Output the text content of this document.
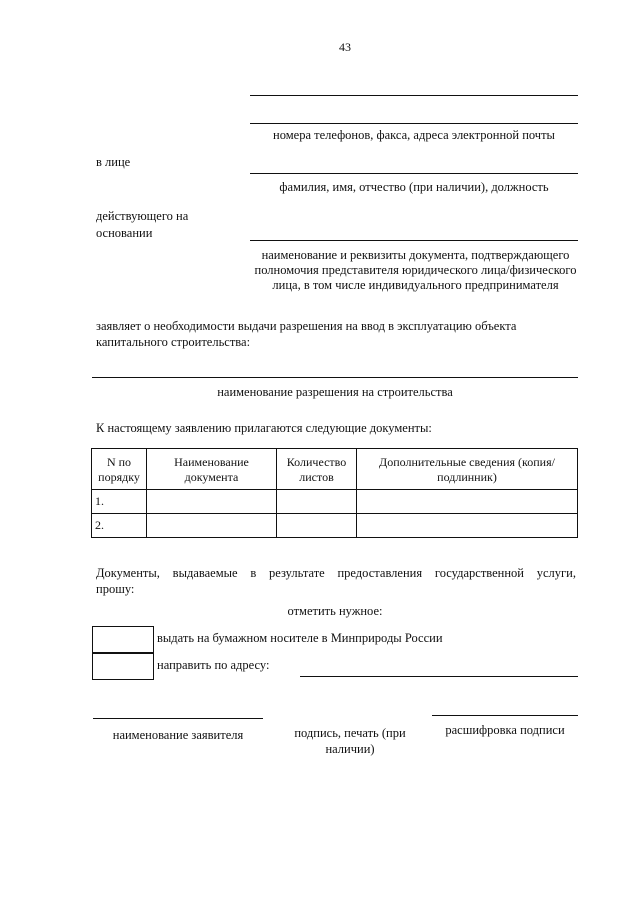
43
номера телефонов, факса, адреса электронной почты
в лице
фамилия, имя, отчество (при наличии), должность
действующего на основании
наименование и реквизиты документа, подтверждающего полномочия представителя юридического лица/физического лица, в том числе индивидуального предпринимателя
заявляет о необходимости выдачи разрешения на ввод в эксплуатацию объекта капитального строительства:
наименование разрешения на строительства
К настоящему заявлению прилагаются следующие документы:
N по порядку	Наименование документа	Количество листов	Дополнительные сведения (копия/подлинник)
1.			
2.			
Документы, выдаваемые в результате предоставления государственной услуги, прошу:
отметить нужное:
выдать на бумажном носителе в Минприроды России
направить по адресу:
наименование заявителя	подпись, печать (при наличии)
расшифровка подписи
